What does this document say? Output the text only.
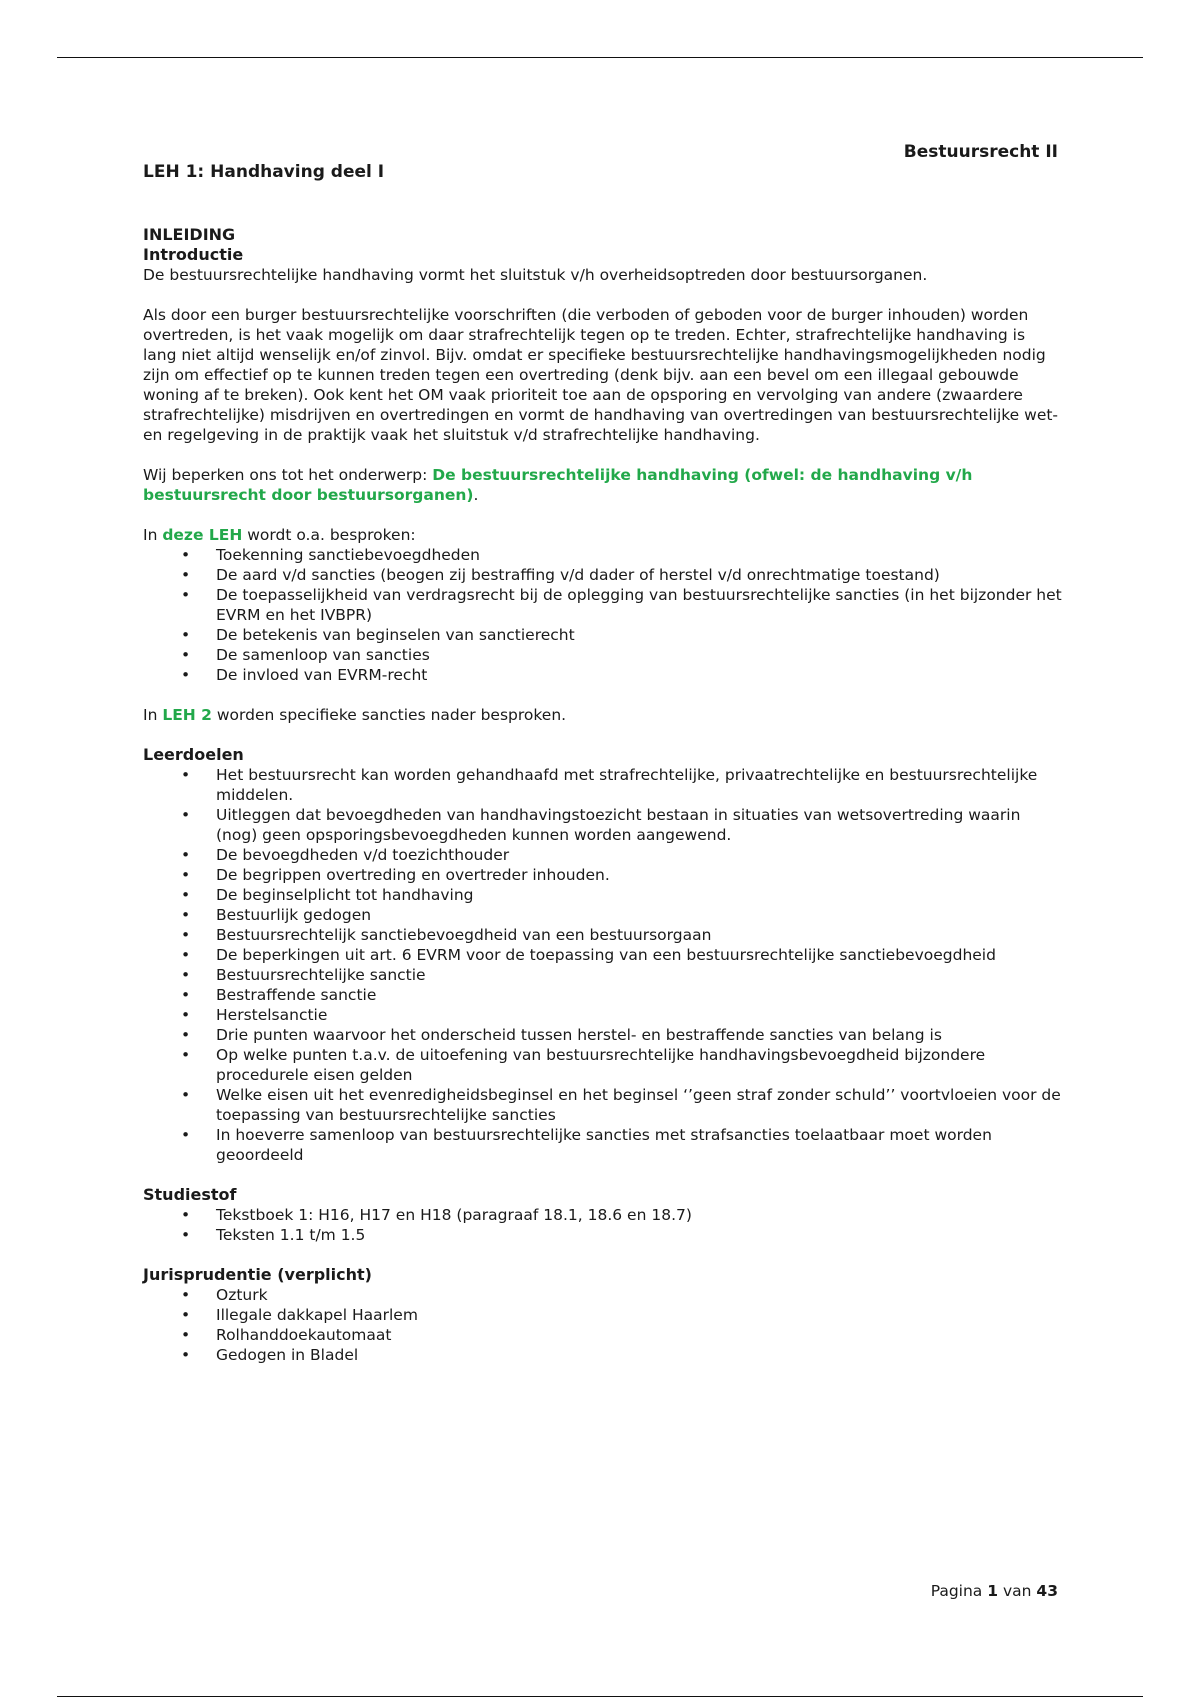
Bestuursrecht II
LEH 1: Handhaving deel I

INLEIDING

Introductie

De bestuursrechtelijke handhaving vormt het sluitstuk v/h overheidsoptreden door bestuursorganen.

Als door een burger bestuursrechtelijke voorschriften (die verboden of geboden voor de burger inhouden) worden overtreden, is het vaak mogelijk om daar strafrechtelijk tegen op te treden. Echter, strafrechtelijke handhaving is lang niet altijd wenselijk en/of zinvol. Bijv. omdat er specifieke bestuursrechtelijke handhavingsmogelijkheden nodig zijn om effectief op te kunnen treden tegen een overtreding (denk bijv. aan een bevel om een illegaal gebouwde woning af te breken). Ook kent het OM vaak prioriteit toe aan de opsporing en vervolging van andere (zwaardere strafrechtelijke) misdrijven en overtredingen en vormt de handhaving van overtredingen van bestuursrechtelijke wet- en regelgeving in de praktijk vaak het sluitstuk v/d strafrechtelijke handhaving.

Wij beperken ons tot het onderwerp: De bestuursrechtelijke handhaving (ofwel: de handhaving v/h bestuursrecht door bestuursorganen).

In deze LEH wordt o.a. besproken:

• Toekenning sanctiebevoegdheden
• De aard v/d sancties (beogen zij bestraffing v/d dader of herstel v/d onrechtmatige toestand)
• De toepasselijkheid van verdragsrecht bij de oplegging van bestuursrechtelijke sancties (in het bijzonder het EVRM en het IVBPR)
• De betekenis van beginselen van sanctierecht
• De samenloop van sancties
• De invloed van EVRM-recht

In LEH 2 worden specifieke sancties nader besproken.

Leerdoelen

• Het bestuursrecht kan worden gehandhaafd met strafrechtelijke, privaatrechtelijke en bestuursrechtelijke middelen.
• Uitleggen dat bevoegdheden van handhavingstoezicht bestaan in situaties van wetsovertreding waarin (nog) geen opsporingsbevoegdheden kunnen worden aangewend.
• De bevoegdheden v/d toezichthouder
• De begrippen overtreding en overtreder inhouden.
• De beginselplicht tot handhaving
• Bestuurlijk gedogen
• Bestuursrechtelijk sanctiebevoegdheid van een bestuursorgaan
• De beperkingen uit art. 6 EVRM voor de toepassing van een bestuursrechtelijke sanctiebevoegdheid
• Bestuursrechtelijke sanctie
• Bestraffende sanctie
• Herstelsanctie
• Drie punten waarvoor het onderscheid tussen herstel- en bestraffende sancties van belang is
• Op welke punten t.a.v. de uitoefening van bestuursrechtelijke handhavingsbevoegdheid bijzondere procedurele eisen gelden
• Welke eisen uit het evenredigheidsbeginsel en het beginsel ‘’geen straf zonder schuld’’ voortvloeien voor de toepassing van bestuursrechtelijke sancties
• In hoeverre samenloop van bestuursrechtelijke sancties met strafsancties toelaatbaar moet worden geoordeeld

Studiestof

• Tekstboek 1: H16, H17 en H18 (paragraaf 18.1, 18.6 en 18.7)
• Teksten 1.1 t/m 1.5

Jurisprudentie (verplicht)

• Ozturk
• Illegale dakkapel Haarlem
• Rolhanddoekautomaat
• Gedogen in Bladel
Pagina 1 van 43
